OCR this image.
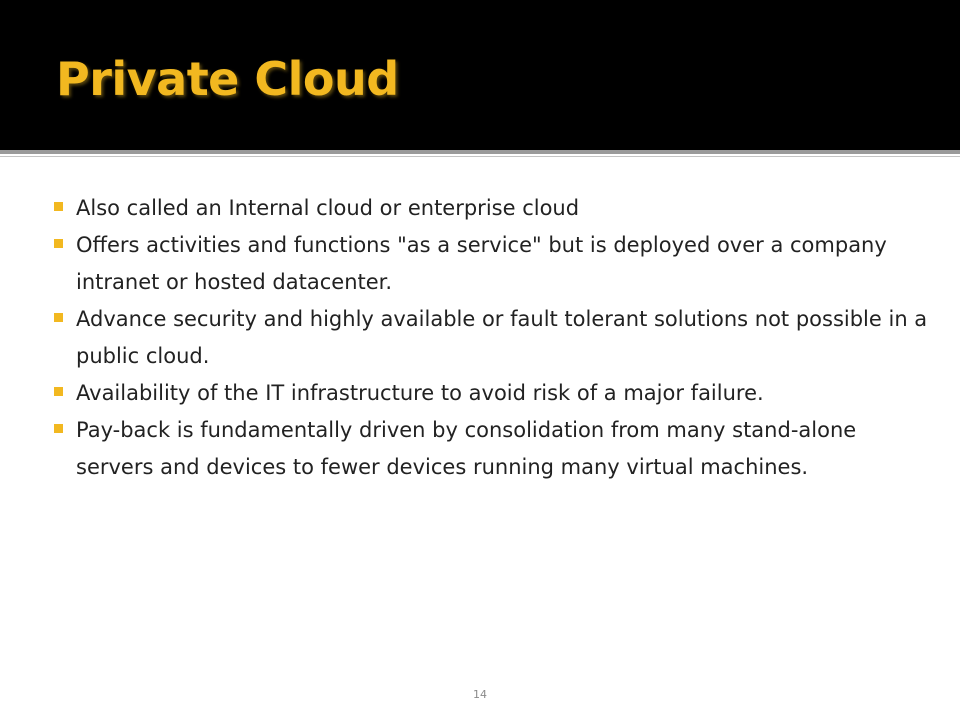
Private Cloud
Also called an Internal cloud or enterprise cloud
Offers activities and functions "as a service" but is deployed over a company intranet or hosted datacenter.
Advance security and highly available or fault tolerant solutions not possible in a public cloud.
Availability of the IT infrastructure to avoid risk of a major failure.
Pay-back is fundamentally driven by consolidation from many stand-alone servers and devices to fewer devices running many virtual machines.
14
